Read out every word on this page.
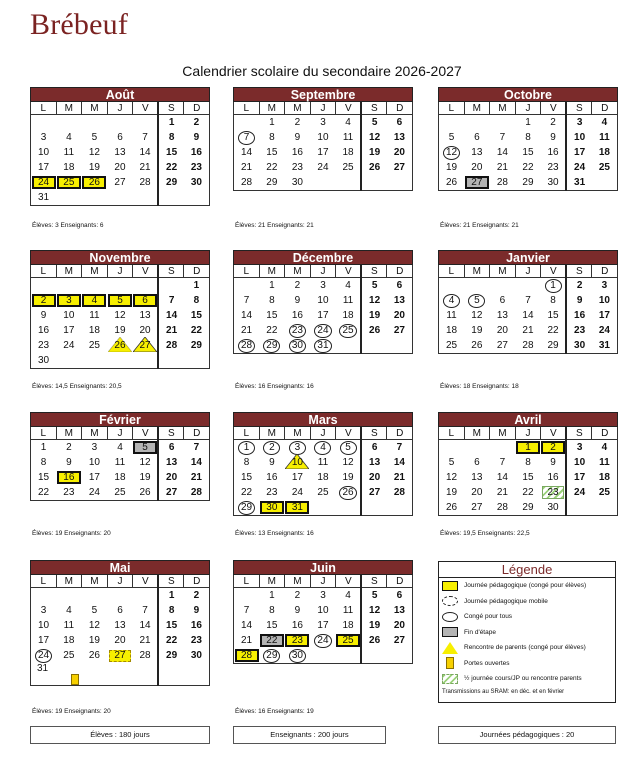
Brébeuf
Calendrier scolaire du secondaire 2026-2027
Août
L	M	M	J	V	S	D
					1	2
3	4	5	6	7	8	9
10	11	12	13	14	15	16
17	18	19	20	21	22	23
24	25	26	27	28	29	30
31						
Élèves: 3 Enseignants: 6
Septembre
L	M	M	J	V	S	D
	1	2	3	4	5	6
7	8	9	10	11	12	13
14	15	16	17	18	19	20
21	22	23	24	25	26	27
28	29	30				
Élèves: 21 Enseignants: 21
Octobre
L	M	M	J	V	S	D
			1	2	3	4
5	6	7	8	9	10	11
12	13	14	15	16	17	18
19	20	21	22	23	24	25
26	27	28	29	30	31	
Élèves: 21 Enseignants: 21
Novembre
L	M	M	J	V	S	D
						1
2	3	4	5	6	7	8
9	10	11	12	13	14	15
16	17	18	19	20	21	22
23	24	25	26	27	28	29
30						
Élèves: 14,5 Enseignants: 20,5
Décembre
L	M	M	J	V	S	D
	1	2	3	4	5	6
7	8	9	10	11	12	13
14	15	16	17	18	19	20
21	22	23	24	25	26	27
28	29	30	31			
Élèves: 16 Enseignants: 16
Janvier
L	M	M	J	V	S	D
				1	2	3
4	5	6	7	8	9	10
11	12	13	14	15	16	17
18	19	20	21	22	23	24
25	26	27	28	29	30	31
Élèves: 18 Enseignants: 18
Février
L	M	M	J	V	S	D
1	2	3	4	5	6	7
8	9	10	11	12	13	14
15	16	17	18	19	20	21
22	23	24	25	26	27	28
Élèves: 19 Enseignants: 20
Mars
L	M	M	J	V	S	D
1	2	3	4	5	6	7
8	9	10	11	12	13	14
15	16	17	18	19	20	21
22	23	24	25	26	27	28
29	30	31				
Élèves: 13 Enseignants: 16
Avril
L	M	M	J	V	S	D
			1	2	3	4
5	6	7	8	9	10	11
12	13	14	15	16	17	18
19	20	21	22	23	24	25
26	27	28	29	30		
Élèves: 19,5 Enseignants: 22,5
Mai
L	M	M	J	V	S	D
					1	2
3	4	5	6	7	8	9
10	11	12	13	14	15	16
17	18	19	20	21	22	23
24	25	26	27	28	29	30
31						
Élèves: 19 Enseignants: 20
Juin
L	M	M	J	V	S	D
	1	2	3	4	5	6
7	8	9	10	11	12	13
14	15	16	17	18	19	20
21	22	23	24	25	26	27
28	29	30				
Élèves: 16 Enseignants: 19
Légende
Journée pédagogique (congé pour élèves)
Journée pédagogique mobile
Congé pour tous
Fin d'étape
Rencontre de parents (congé pour élèves)
Portes ouvertes
½ journée cours/JP ou rencontre parents
Transmissions au SRAM: en déc. et en février
Élèves : 180 jours	Enseignants : 200 jours	Journées pédagogiques : 20
